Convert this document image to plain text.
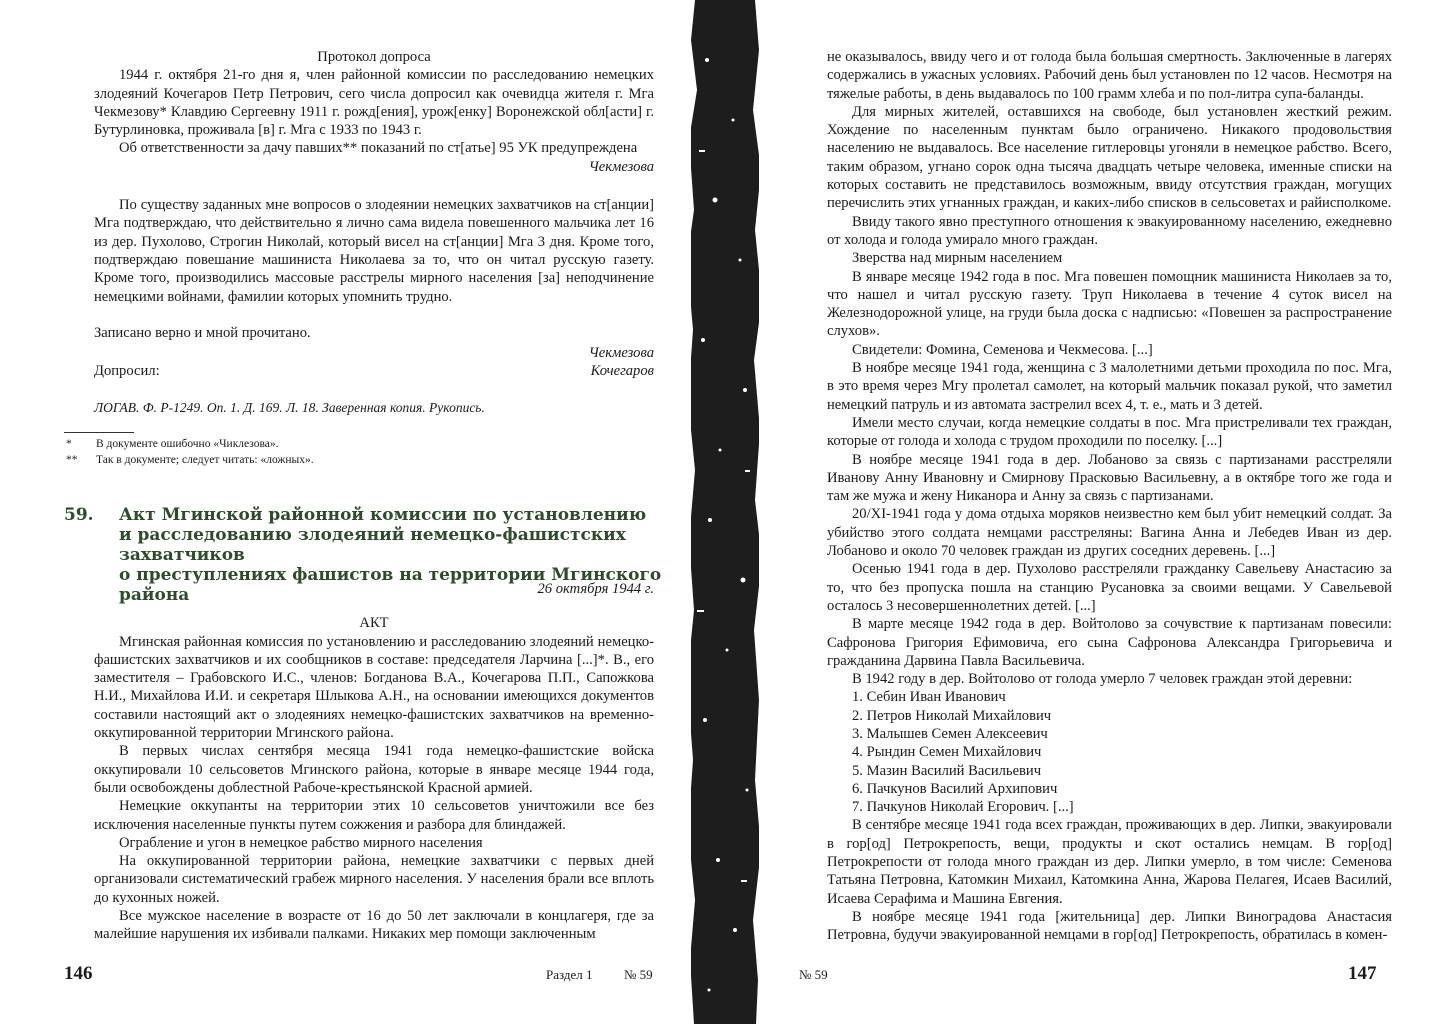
Протокол допроса

1944 г. октября 21-го дня я, член районной комиссии по расследованию немецких злодеяний Кочегаров Петр Петрович, сего числа допросил как очевидца жителя г. Мга Чекмезову* Клавдию Сергеевну 1911 г. рожд[ения], урож[енку] Воронежской обл[асти] г. Бутурлиновка, проживала [в] г. Мга с 1933 по 1943 г.

Об ответственности за дачу павших** показаний по ст[атье] 95 УК предупреждена

Чекмезова

По существу заданных мне вопросов о злодеянии немецких захватчиков на ст[анции] Мга подтверждаю, что действительно я лично сама видела повешенного мальчика лет 16 из дер. Пухолово, Строгин Николай, который висел на ст[анции] Мга 3 дня. Кроме того, подтверждаю повешание машиниста Николаева за то, что он читал русскую газету. Кроме того, производились массовые расстрелы мирного населения [за] неподчинение немецкими войнами, фамилии которых упомнить трудно.

Записано верно и мной прочитано.

Чекмезова

Допросил:	Кочегаров

ЛОГАВ. Ф. Р-1249. Оп. 1. Д. 169. Л. 18. Заверенная копия. Рукопись.

*	В документе ошибочно «Чиклезова».
**	Так в документе; следует читать: «ложных».
59.	Акт Мгинской районной комиссии по установлению
и расследованию злодеяний немецко-фашистских захватчиков
о преступлениях фашистов на территории Мгинского района	26 октября 1944 г.

АКТ

Мгинская районная комиссия по установлению и расследованию злодеяний немецко-фашистских захватчиков и их сообщников в составе: председателя Ларчина [...]*. В., его заместителя – Грабовского И.С., членов: Богданова В.А., Кочегарова П.П., Сапожкова Н.И., Михайлова И.И. и секретаря Шлыкова А.Н., на основании имеющихся документов составили настоящий акт о злодеяниях немецко-фашистских захватчиков на временно-оккупированной территории Мгинского района.

В первых числах сентября месяца 1941 года немецко-фашистские войска оккупировали 10 сельсоветов Мгинского района, которые в январе месяце 1944 года, были освобождены доблестной Рабоче-крестьянской Красной армией.

Немецкие оккупанты на территории этих 10 сельсоветов уничтожили все без исключения населенные пункты путем сожжения и разбора для блиндажей.

Ограбление и угон в немецкое рабство мирного населения

На оккупированной территории района, немецкие захватчики с первых дней организовали систематический грабеж мирного населения. У населения брали все вплоть до кухонных ножей.

Все мужское население в возрасте от 16 до 50 лет заключали в концлагеря, где за малейшие нарушения их избивали палками. Никаких мер помощи заключенным

146	Раздел 1 № 59

не оказывалось, ввиду чего и от голода была большая смертность. Заключенные в лагерях содержались в ужасных условиях. Рабочий день был установлен по 12 часов. Несмотря на тяжелые работы, в день выдавалось по 100 грамм хлеба и по пол-литра супа-баланды.

Для мирных жителей, оставшихся на свободе, был установлен жесткий режим. Хождение по населенным пунктам было ограничено. Никакого продовольствия населению не выдавалось. Все население гитлеровцы угоняли в немецкое рабство. Всего, таким образом, угнано сорок одна тысяча двадцать четыре человека, именные списки на которых составить не представилось возможным, ввиду отсутствия граждан, могущих перечислить этих угнанных граждан, и каких-либо списков в сельсоветах и райисполкоме.

Ввиду такого явно преступного отношения к эвакуированному населению, ежедневно от холода и голода умирало много граждан.

Зверства над мирным населением

В январе месяце 1942 года в пос. Мга повешен помощник машиниста Николаев за то, что нашел и читал русскую газету. Труп Николаева в течение 4 суток висел на Железнодорожной улице, на груди была доска с надписью: «Повешен за распространение слухов».

Свидетели: Фомина, Семенова и Чекмесова. [...]

В ноябре месяце 1941 года, женщина с 3 малолетними детьми проходила по пос. Мга, в это время через Мгу пролетал самолет, на который мальчик показал рукой, что заметил немецкий патруль и из автомата застрелил всех 4, т. е., мать и 3 детей.

Имели место случаи, когда немецкие солдаты в пос. Мга пристреливали тех граждан, которые от голода и холода с трудом проходили по поселку. [...]

В ноябре месяце 1941 года в дер. Лобаново за связь с партизанами расстреляли Иванову Анну Ивановну и Смирнову Прасковью Васильевну, а в октябре того же года и там же мужа и жену Никанора и Анну за связь с партизанами.

20/XI-1941 года у дома отдыха моряков неизвестно кем был убит немецкий солдат. За убийство этого солдата немцами расстреляны: Вагина Анна и Лебедев Иван из дер. Лобаново и около 70 человек граждан из других соседних деревень. [...]

Осенью 1941 года в дер. Пухолово расстреляли гражданку Савельеву Анастасию за то, что без пропуска пошла на станцию Русановка за своими вещами. У Савельевой осталось 3 несовершеннолетних детей. [...]

В марте месяце 1942 года в дер. Войтолово за сочувствие к партизанам повесили: Сафронова Григория Ефимовича, его сына Сафронова Александра Григорьевича и гражданина Дарвина Павла Васильевича.

В 1942 году в дер. Войтолово от голода умерло 7 человек граждан этой деревни:

1. Себин Иван Иванович

2. Петров Николай Михайлович

3. Малышев Семен Алексеевич

4. Рындин Семен Михайлович

5. Мазин Василий Васильевич

6. Пачкунов Василий Архипович

7. Пачкунов Николай Егорович. [...]

В сентябре месяце 1941 года всех граждан, проживающих в дер. Липки, эвакуировали в гор[од] Петрокрепость, вещи, продукты и скот остались немцам. В гор[од] Петрокрепости от голода много граждан из дер. Липки умерло, в том числе: Семенова Татьяна Петровна, Катомкин Михаил, Катомкина Анна, Жарова Пелагея, Исаев Василий, Исаева Серафима и Машина Евгения.

В ноябре месяце 1941 года [жительница] дер. Липки Виноградова Анастасия Петровна, будучи эвакуированной немцами в гор[од] Петрокрепость, обратилась в комен-

№ 59	147
